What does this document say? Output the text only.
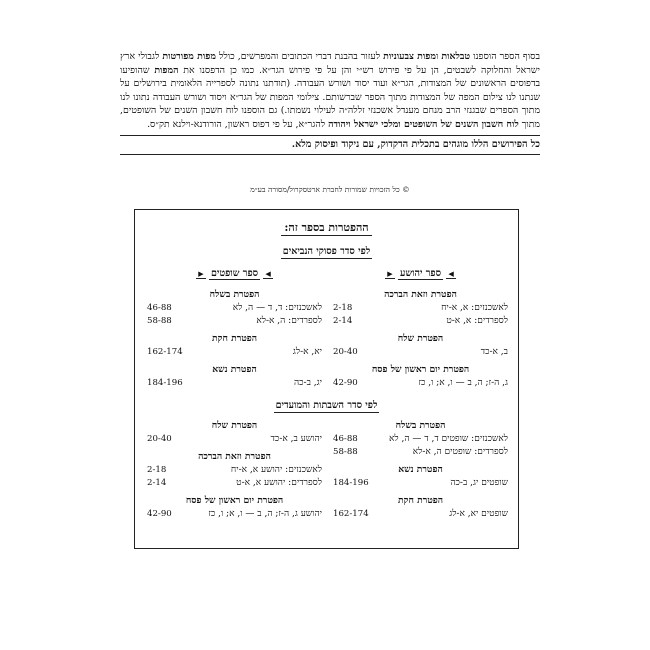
בסוף הספר הוספנו טבלאות ומפות צבעוניות לעזור בהבנת דברי הכתובים והמפרשים, כולל מפות מפורטות לגבולי ארץ ישראל והחלוקה לשבטים, הן על פי פירוש רש״י והן על פי פירוש הגר״א. כמו כן הדפסנו את המפות שהופיעו בדפוסים הראשונים של המצודות, הגר״א ועוד יסוד ושורש העבודה. (תודתנו נתונה לספרייה הלאומית בירושלים על שנתנו לנו צילום המפה של המצודות מתוך הספר שברשותם. צילומי המפות של הגר״א ויסוד ושורש העבודה נתונו לנו מתוך הספרים שבגנזי הרב מנחם מענדל אשכנזי זללה״ה לעילוי נשמתו.) גם הוספנו לוח חשבון השנים של השופטים, מתוך לוח חשבון השנים של השופטים ומלכי ישראל ויהודה להגר״א, על פי דפוס ראשון, הורודנא-וילנא תק״ס.

כל הפירושים הללו מוגהים בתכלית הדקדוק, עם ניקוד ופיסוק מלא.
© כל הזכויות שמורות לחברת ארטסקרול/מסורה בע״מ
ההפטרות בספר זה:
לפי סדר פסוקי הנביאים
◀ ספר יהושע ▶
הפטרת וזאת הברכה
לאשכנזים: א, א-יח
2-18
לספרדים: א, א-ט
2-14
הפטרת שלח
ב, א-כד
20-40
הפטרת יום ראשון של פסח
ג, ה-ז; ה, ב — ו, א; ו, כז
42-90
◀ ספר שופטים ▶
הפטרת בשלח
לאשכנזים: ד, ד — ה, לא
46-88
לספרדים: ה, א-לא
58-88
הפטרת חקת
יא, א-לג
162-174
הפטרת נשא
יג, ב-כה
184-196
לפי סדר השבתות והמועדים
הפטרת בשלח
לאשכנזים: שופטים ד, ד — ה, לא
46-88
לספרדים: שופטים ה, א-לא
58-88
הפטרת נשא
שופטים יג, ב-כה
184-196
הפטרת חקת
שופטים יא, א-לג
162-174
הפטרת שלח
יהושע ב, א-כד
20-40
הפטרת וזאת הברכה
לאשכנזים: יהושע א, א-יח
2-18
לספרדים: יהושע א, א-ט
2-14
הפטרת יום ראשון של פסח
יהושע ג, ה-ז; ה, ב — ו, א; ו, כז
42-90
